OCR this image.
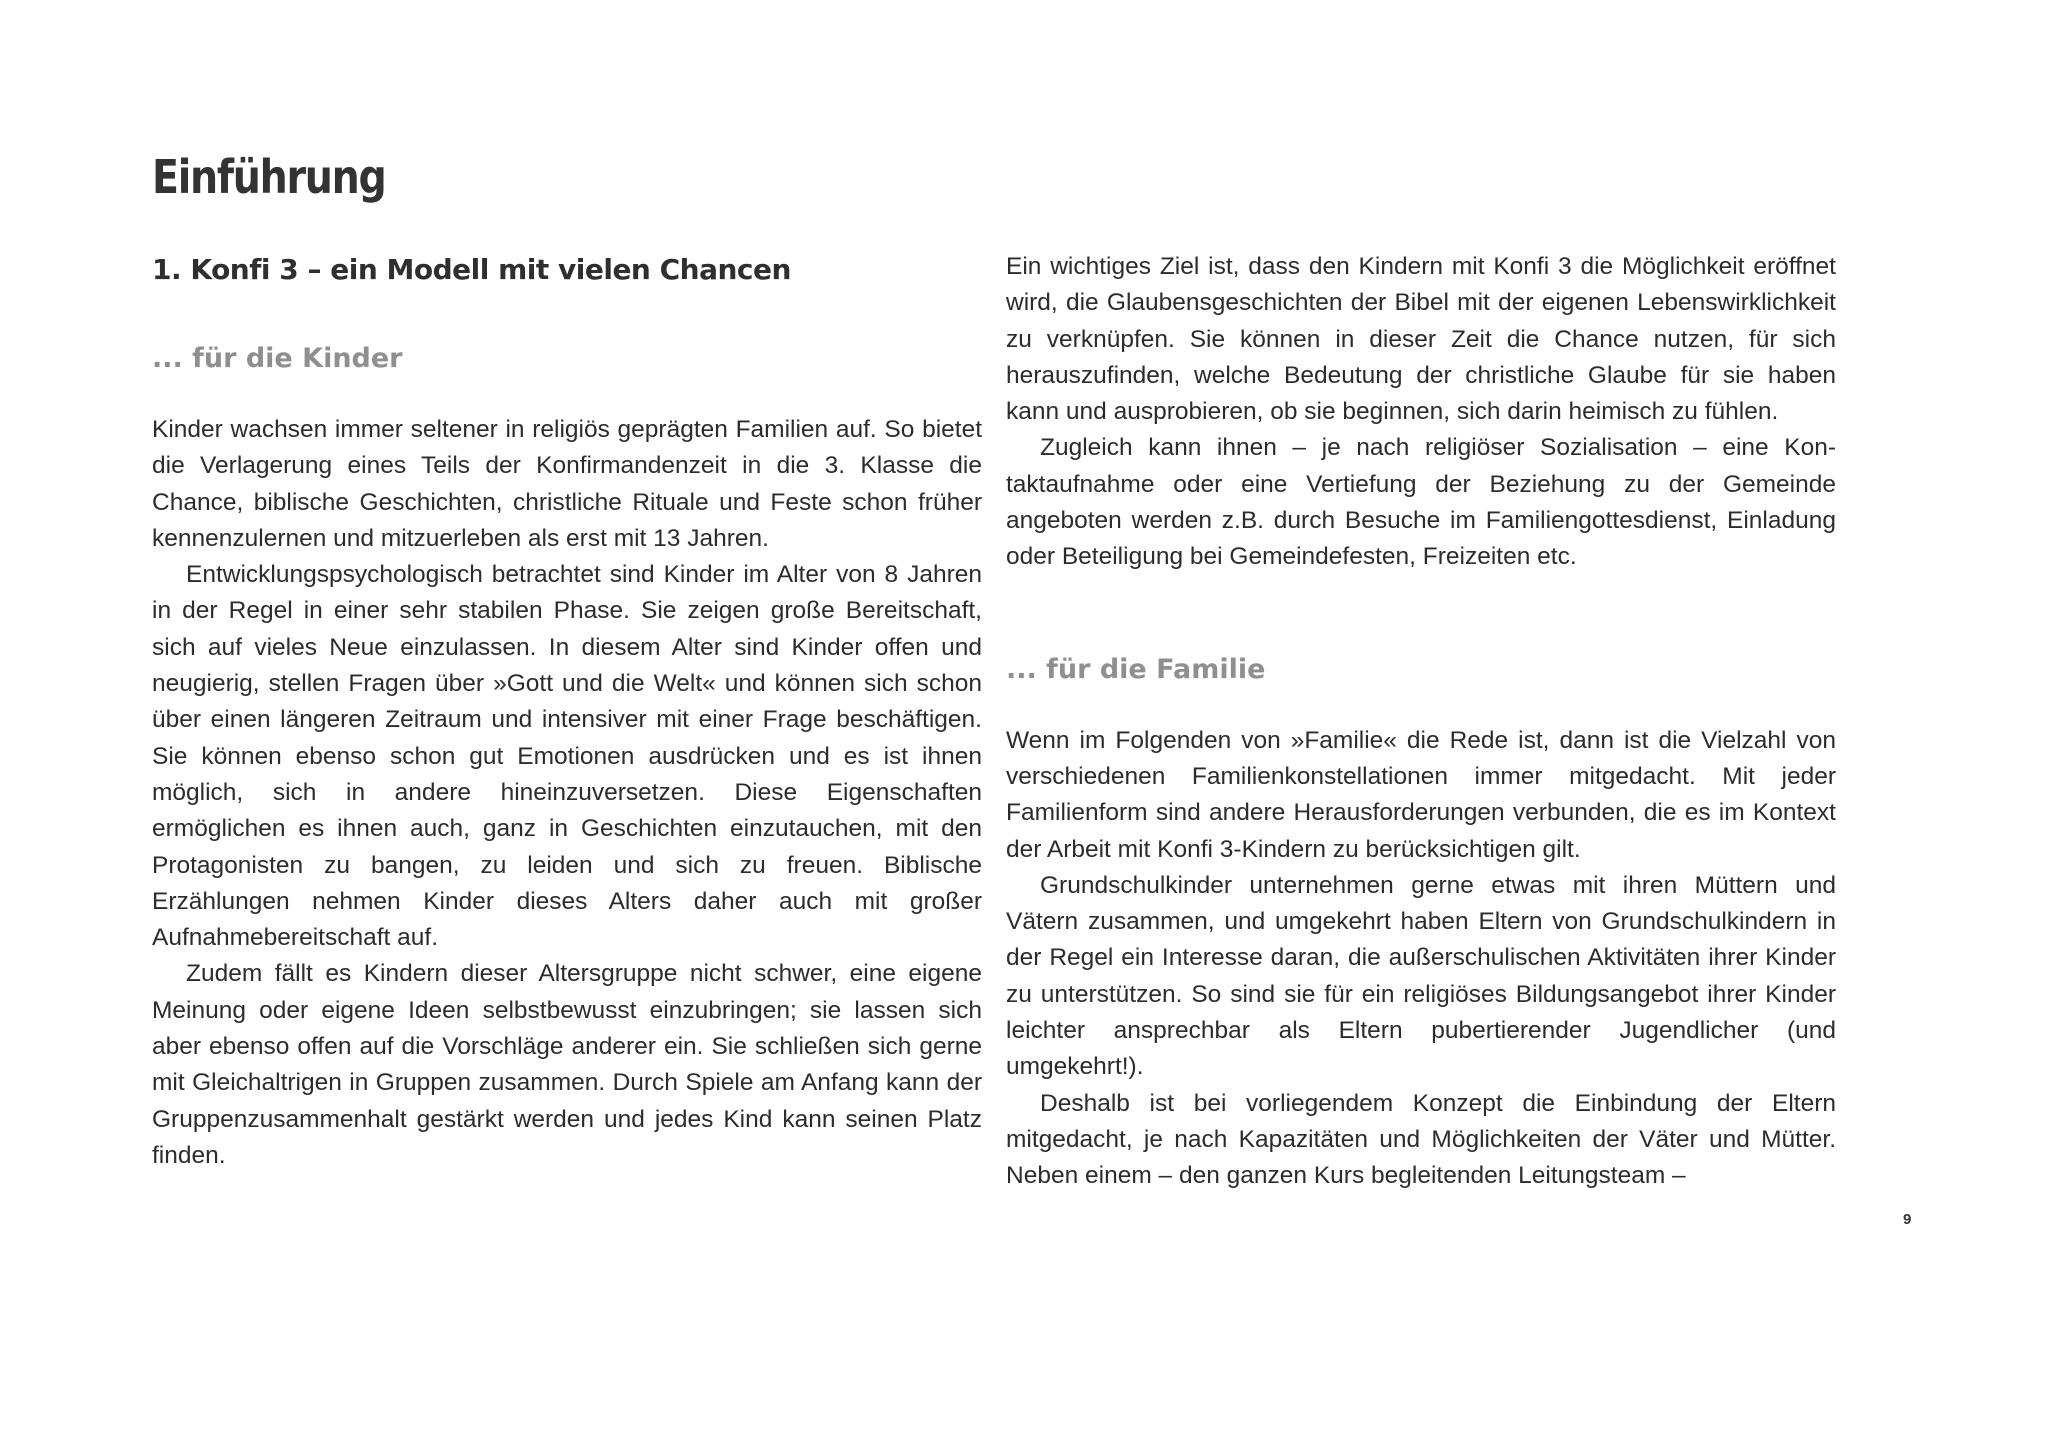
Einführung
1. Konfi 3 – ein Modell mit vielen Chancen
... für die Kinder

Kinder wachsen immer seltener in religiös geprägten Familien auf. So bietet die Verlagerung eines Teils der Konfirmandenzeit in die 3. Klasse die Chance, biblische Geschichten, christliche Rituale und Feste schon früher kennenzulernen und mitzuerleben als erst mit 13 Jahren.

Entwicklungspsychologisch betrachtet sind Kinder im Alter von 8 Jahren in der Regel in einer sehr stabilen Phase. Sie zeigen große Bereitschaft, sich auf vieles Neue einzulassen. In diesem Alter sind Kinder offen und neugierig, stellen Fragen über »Gott und die Welt« und können sich schon über einen längeren Zeitraum und intensiver mit einer Frage beschäftigen. Sie können ebenso schon gut Emotionen ausdrücken und es ist ihnen möglich, sich in andere hineinzuversetzen. Diese Eigenschaften ermöglichen es ihnen auch, ganz in Geschichten einzutauchen, mit den Protagonisten zu bangen, zu leiden und sich zu freuen. Biblische Erzählungen nehmen Kinder dieses Alters daher auch mit großer Aufnahmebereitschaft auf.

Zudem fällt es Kindern dieser Altersgruppe nicht schwer, eine eigene Meinung oder eigene Ideen selbstbewusst einzubringen; sie lassen sich aber ebenso offen auf die Vorschläge anderer ein. Sie schließen sich gerne mit Gleichaltrigen in Gruppen zusammen. Durch Spiele am Anfang kann der Gruppenzusammenhalt gestärkt werden und jedes Kind kann seinen Platz finden.

Ein wichtiges Ziel ist, dass den Kindern mit Konfi 3 die Möglichkeit eröffnet wird, die Glaubensgeschichten der Bibel mit der eigenen Lebenswirklichkeit zu verknüpfen. Sie können in dieser Zeit die Chance nutzen, für sich herauszufinden, welche Bedeutung der christliche Glaube für sie haben kann und ausprobieren, ob sie beginnen, sich darin heimisch zu fühlen.

Zugleich kann ihnen – je nach religiöser Sozialisation – eine Kontaktaufnahme oder eine Vertiefung der Beziehung zu der Gemeinde angeboten werden z.B. durch Besuche im Familiengottesdienst, Einladung oder Beteiligung bei Gemeindefesten, Freizeiten etc.

... für die Familie

Wenn im Folgenden von »Familie« die Rede ist, dann ist die Vielzahl von verschiedenen Familienkonstellationen immer mitgedacht. Mit jeder Familienform sind andere Herausforderungen verbunden, die es im Kontext der Arbeit mit Konfi 3-Kindern zu berücksichtigen gilt.

Grundschulkinder unternehmen gerne etwas mit ihren Müttern und Vätern zusammen, und umgekehrt haben Eltern von Grundschulkindern in der Regel ein Interesse daran, die außerschulischen Aktivitäten ihrer Kinder zu unterstützen. So sind sie für ein religiöses Bildungsangebot ihrer Kinder leichter ansprechbar als Eltern pubertierender Jugendlicher (und umgekehrt!).

Deshalb ist bei vorliegendem Konzept die Einbindung der Eltern mitgedacht, je nach Kapazitäten und Möglichkeiten der Väter und Mütter. Neben einem – den ganzen Kurs begleitenden Leitungsteam –

9
